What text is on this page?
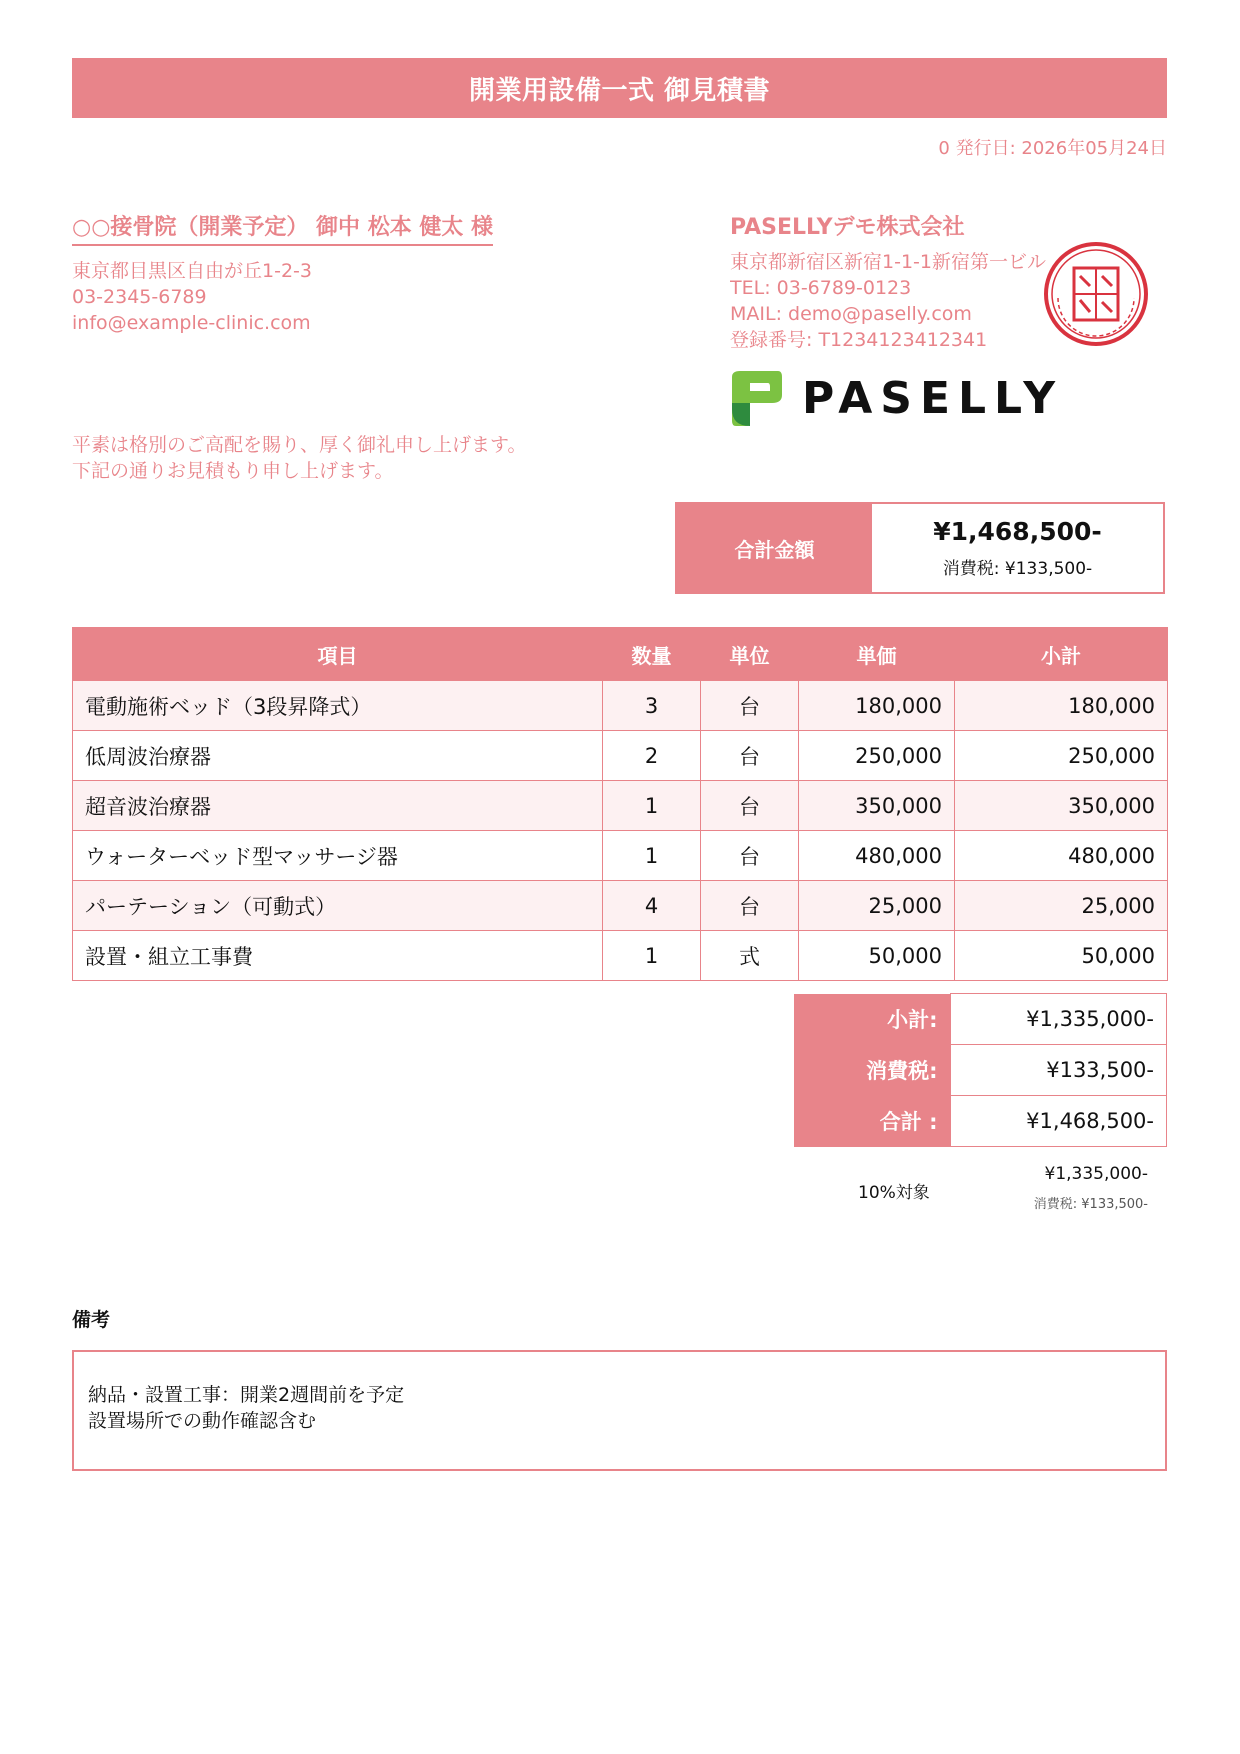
開業用設備一式 御見積書
0 発行日: 2026年05月24日
○○接骨院（開業予定） 御中 松本 健太 様
東京都目黒区自由が丘1-2-3
03-2345-6789
info@example-clinic.com
平素は格別のご高配を賜り、厚く御礼申し上げます。
下記の通りお見積もり申し上げます。
PASELLYデモ株式会社
東京都新宿区新宿1-1-1新宿第一ビル
TEL: 03-6789-0123
MAIL: demo@paselly.com
登録番号: T1234123412341
PASELLY
合計金額
¥1,468,500-
消費税: ¥133,500-
項目	数量	単位	単価	小計
電動施術ベッド（3段昇降式）	3	台	180,000	180,000
低周波治療器	2	台	250,000	250,000
超音波治療器	1	台	350,000	350,000
ウォーターベッド型マッサージ器	1	台	480,000	480,000
パーテーション（可動式）	4	台	25,000	25,000
設置・組立工事費	1	式	50,000	50,000
小計:	¥1,335,000-
消費税:	¥133,500-
合計 :	¥1,468,500-
10%対象
¥1,335,000-
消費税: ¥133,500-
備考
納品・設置工事：開業2週間前を予定
設置場所での動作確認含む
